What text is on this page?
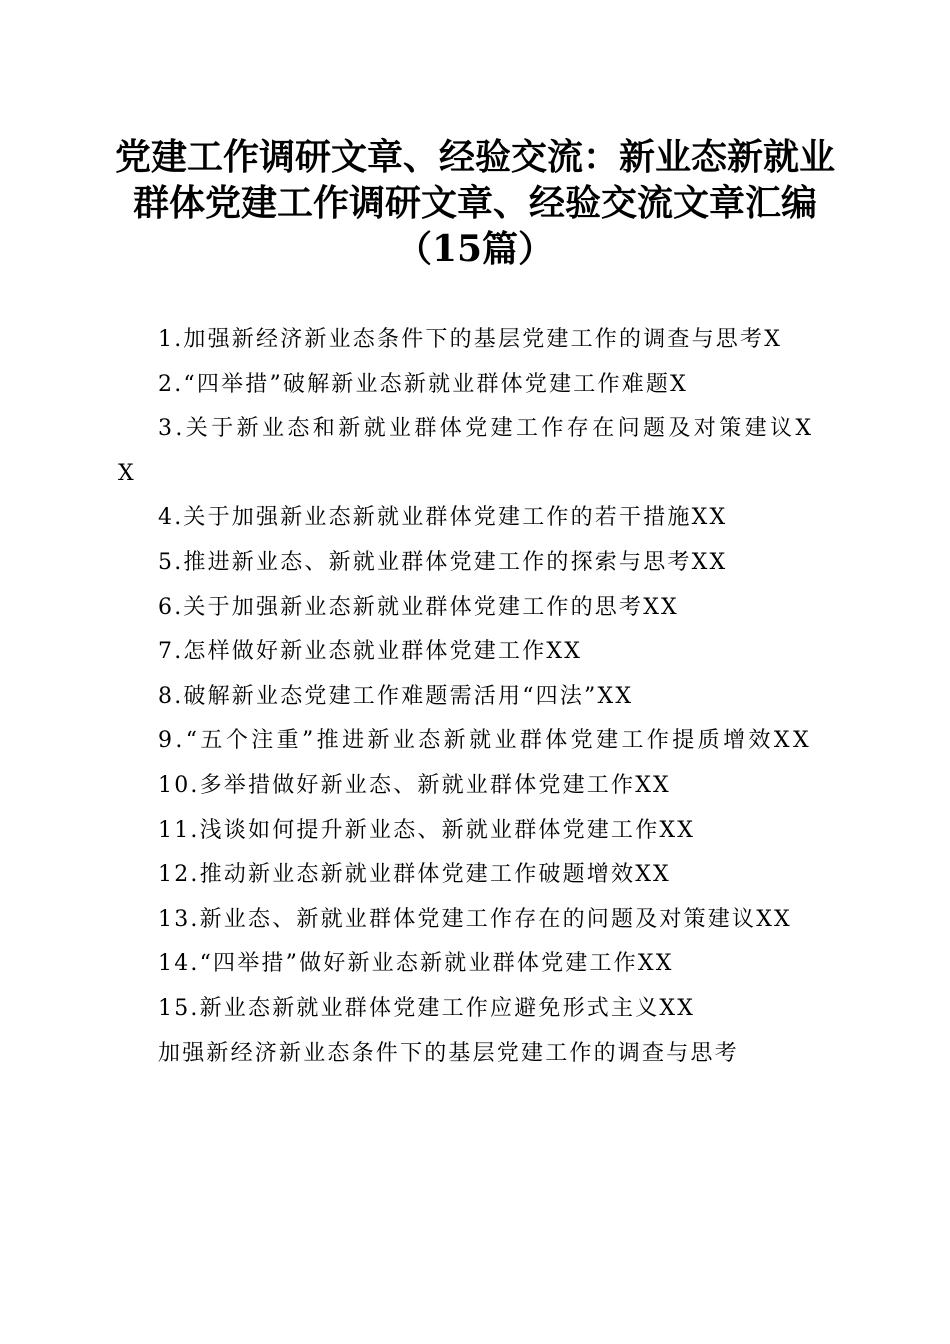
党建工作调研文章、经验交流：新业态新就业
群体党建工作调研文章、经验交流文章汇编
（15篇）
1.加强新经济新业态条件下的基层党建工作的调查与思考X
2.“四举措”破解新业态新就业群体党建工作难题X
3.关于新业态和新就业群体党建工作存在问题及对策建议XX
4.关于加强新业态新就业群体党建工作的若干措施XX
5.推进新业态、新就业群体党建工作的探索与思考XX
6.关于加强新业态新就业群体党建工作的思考XX
7.怎样做好新业态就业群体党建工作XX
8.破解新业态党建工作难题需活用“四法”XX
9.“五个注重”推进新业态新就业群体党建工作提质增效XX
10.多举措做好新业态、新就业群体党建工作XX
11.浅谈如何提升新业态、新就业群体党建工作XX
12.推动新业态新就业群体党建工作破题增效XX
13.新业态、新就业群体党建工作存在的问题及对策建议XX
14.“四举措”做好新业态新就业群体党建工作XX
15.新业态新就业群体党建工作应避免形式主义XX
加强新经济新业态条件下的基层党建工作的调查与思考
